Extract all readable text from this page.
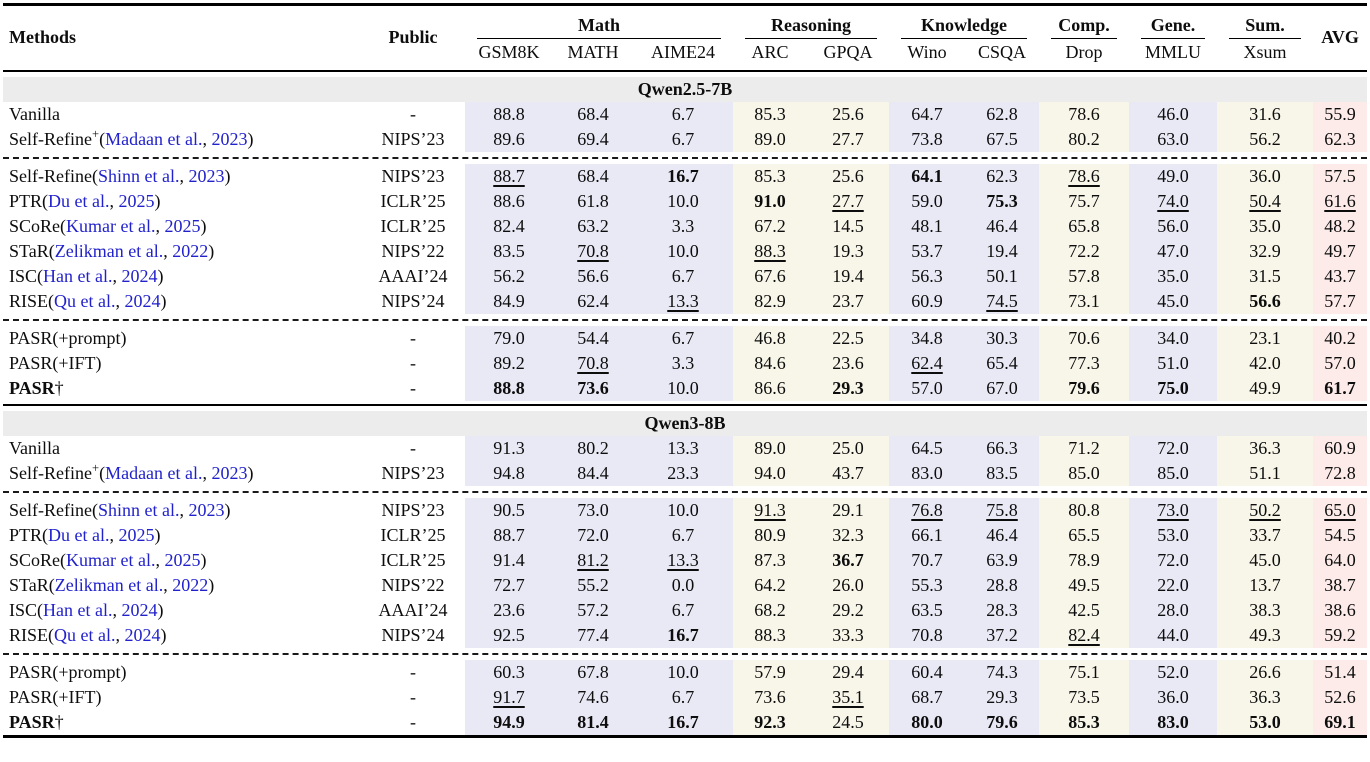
Methods	Public	Math			Reasoning		Knowledge		Comp.	Gene.	Sum.	AVG
		GSM8K	MATH	AIME24	ARC	GPQA	Wino	CSQA	Drop	MMLU	Xsum	

Qwen2.5-7B												
Vanilla	-	88.8	68.4	6.7	85.3	25.6	64.7	62.8	78.6	46.0	31.6	55.9
Self-Refine+(Madaan et al., 2023)	NIPS’23	89.6	69.4	6.7	89.0	27.7	73.8	67.5	80.2	63.0	56.2	62.3

Self-Refine(Shinn et al., 2023)	NIPS’23	88.7	68.4	16.7	85.3	25.6	64.1	62.3	78.6	49.0	36.0	57.5
PTR(Du et al., 2025)	ICLR’25	88.6	61.8	10.0	91.0	27.7	59.0	75.3	75.7	74.0	50.4	61.6
SCoRe(Kumar et al., 2025)	ICLR’25	82.4	63.2	3.3	67.2	14.5	48.1	46.4	65.8	56.0	35.0	48.2
STaR(Zelikman et al., 2022)	NIPS’22	83.5	70.8	10.0	88.3	19.3	53.7	19.4	72.2	47.0	32.9	49.7
ISC(Han et al., 2024)	AAAI’24	56.2	56.6	6.7	67.6	19.4	56.3	50.1	57.8	35.0	31.5	43.7
RISE(Qu et al., 2024)	NIPS’24	84.9	62.4	13.3	82.9	23.7	60.9	74.5	73.1	45.0	56.6	57.7

PASR(+prompt)	-	79.0	54.4	6.7	46.8	22.5	34.8	30.3	70.6	34.0	23.1	40.2
PASR(+IFT)	-	89.2	70.8	3.3	84.6	23.6	62.4	65.4	77.3	51.0	42.0	57.0
PASR†	-	88.8	73.6	10.0	86.6	29.3	57.0	67.0	79.6	75.0	49.9	61.7

Qwen3-8B												
Vanilla	-	91.3	80.2	13.3	89.0	25.0	64.5	66.3	71.2	72.0	36.3	60.9
Self-Refine+(Madaan et al., 2023)	NIPS’23	94.8	84.4	23.3	94.0	43.7	83.0	83.5	85.0	85.0	51.1	72.8

Self-Refine(Shinn et al., 2023)	NIPS’23	90.5	73.0	10.0	91.3	29.1	76.8	75.8	80.8	73.0	50.2	65.0
PTR(Du et al., 2025)	ICLR’25	88.7	72.0	6.7	80.9	32.3	66.1	46.4	65.5	53.0	33.7	54.5
SCoRe(Kumar et al., 2025)	ICLR’25	91.4	81.2	13.3	87.3	36.7	70.7	63.9	78.9	72.0	45.0	64.0
STaR(Zelikman et al., 2022)	NIPS’22	72.7	55.2	0.0	64.2	26.0	55.3	28.8	49.5	22.0	13.7	38.7
ISC(Han et al., 2024)	AAAI’24	23.6	57.2	6.7	68.2	29.2	63.5	28.3	42.5	28.0	38.3	38.6
RISE(Qu et al., 2024)	NIPS’24	92.5	77.4	16.7	88.3	33.3	70.8	37.2	82.4	44.0	49.3	59.2

PASR(+prompt)	-	60.3	67.8	10.0	57.9	29.4	60.4	74.3	75.1	52.0	26.6	51.4
PASR(+IFT)	-	91.7	74.6	6.7	73.6	35.1	68.7	29.3	73.5	36.0	36.3	52.6
PASR†	-	94.9	81.4	16.7	92.3	24.5	80.0	79.6	85.3	83.0	53.0	69.1
